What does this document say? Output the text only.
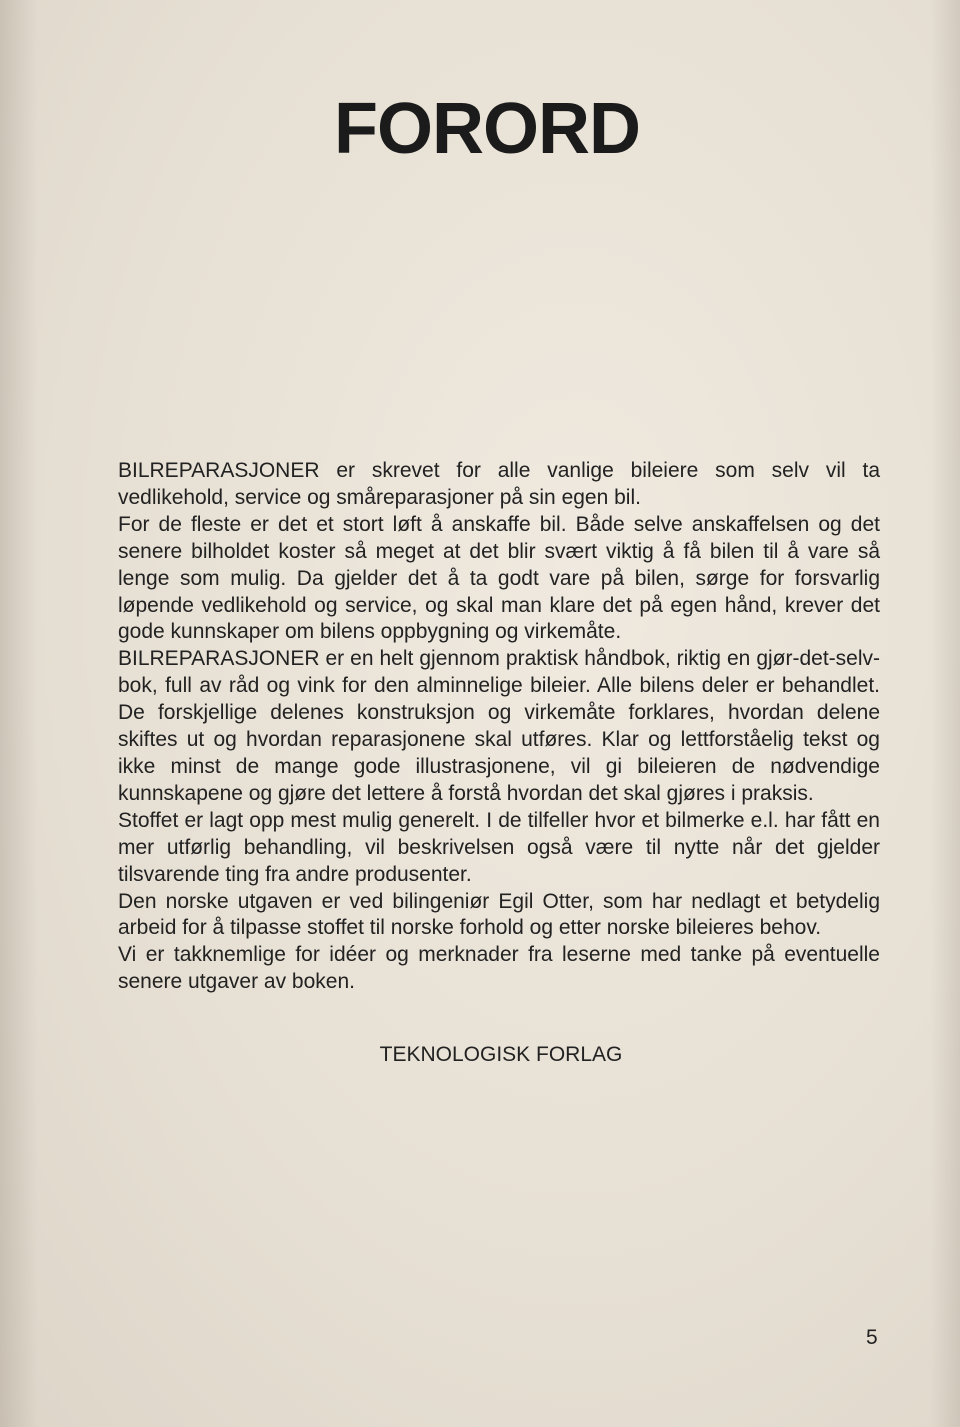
FORORD

BILREPARASJONER er skrevet for alle vanlige bileiere som selv vil ta vedlikehold, service og småreparasjoner på sin egen bil.

For de fleste er det et stort løft å anskaffe bil. Både selve anskaffelsen og det senere bilholdet koster så meget at det blir svært viktig å få bilen til å vare så lenge som mulig. Da gjelder det å ta godt vare på bilen, sørge for forsvarlig løpende vedlikehold og service, og skal man klare det på egen hånd, krever det gode kunnskaper om bilens oppbygning og virkemåte.

BILREPARASJONER er en helt gjennom praktisk håndbok, riktig en gjør-det-selv-bok, full av råd og vink for den alminnelige bileier. Alle bilens deler er behandlet. De forskjellige delenes konstruksjon og virkemåte forklares, hvordan delene skiftes ut og hvordan reparasjonene skal utføres. Klar og lettforståelig tekst og ikke minst de mange gode illustrasjonene, vil gi bileieren de nødvendige kunnskapene og gjøre det lettere å forstå hvordan det skal gjøres i praksis.

Stoffet er lagt opp mest mulig generelt. I de tilfeller hvor et bilmerke e.l. har fått en mer utførlig behandling, vil beskrivelsen også være til nytte når det gjelder tilsvarende ting fra andre produsenter.

Den norske utgaven er ved bilingeniør Egil Otter, som har nedlagt et betydelig arbeid for å tilpasse stoffet til norske forhold og etter norske bileieres behov.

Vi er takknemlige for idéer og merknader fra leserne med tanke på eventuelle senere utgaver av boken.

TEKNOLOGISK FORLAG
5
